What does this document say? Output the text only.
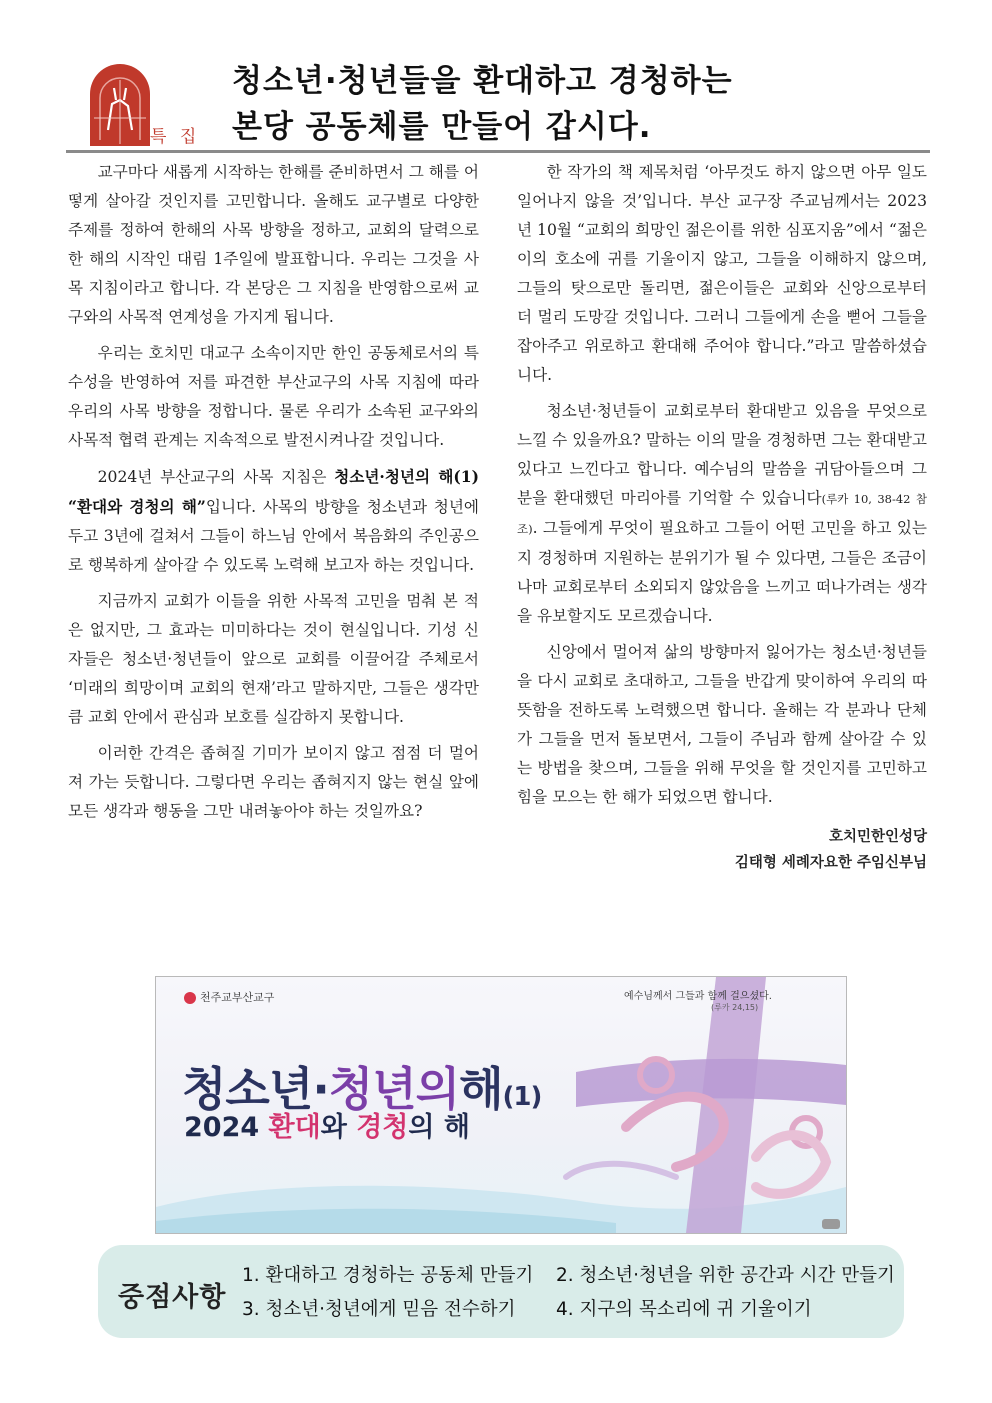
특 집
청소년·청년들을 환대하고 경청하는
본당 공동체를 만들어 갑시다.

교구마다 새롭게 시작하는 한해를 준비하면서 그 해를 어떻게 살아갈 것인지를 고민합니다. 올해도 교구별로 다양한 주제를 정하여 한해의 사목 방향을 정하고, 교회의 달력으로 한 해의 시작인 대림 1주일에 발표합니다. 우리는 그것을 사목 지침이라고 합니다. 각 본당은 그 지침을 반영함으로써 교구와의 사목적 연계성을 가지게 됩니다.

우리는 호치민 대교구 소속이지만 한인 공동체로서의 특수성을 반영하여 저를 파견한 부산교구의 사목 지침에 따라 우리의 사목 방향을 정합니다. 물론 우리가 소속된 교구와의 사목적 협력 관계는 지속적으로 발전시켜나갈 것입니다.

2024년 부산교구의 사목 지침은 청소년·청년의 해(1) “환대와 경청의 해”입니다. 사목의 방향을 청소년과 청년에 두고 3년에 걸쳐서 그들이 하느님 안에서 복음화의 주인공으로 행복하게 살아갈 수 있도록 노력해 보고자 하는 것입니다.

지금까지 교회가 이들을 위한 사목적 고민을 멈춰 본 적은 없지만, 그 효과는 미미하다는 것이 현실입니다. 기성 신자들은 청소년·청년들이 앞으로 교회를 이끌어갈 주체로서 ‘미래의 희망이며 교회의 현재’라고 말하지만, 그들은 생각만큼 교회 안에서 관심과 보호를 실감하지 못합니다.

이러한 간격은 좁혀질 기미가 보이지 않고 점점 더 멀어져 가는 듯합니다. 그렇다면 우리는 좁혀지지 않는 현실 앞에 모든 생각과 행동을 그만 내려놓아야 하는 것일까요?

한 작가의 책 제목처럼 ‘아무것도 하지 않으면 아무 일도 일어나지 않을 것’입니다. 부산 교구장 주교님께서는 2023년 10월 “교회의 희망인 젊은이를 위한 심포지움”에서 “젊은이의 호소에 귀를 기울이지 않고, 그들을 이해하지 않으며, 그들의 탓으로만 돌리면, 젊은이들은 교회와 신앙으로부터 더 멀리 도망갈 것입니다. 그러니 그들에게 손을 뻗어 그들을 잡아주고 위로하고 환대해 주어야 합니다.”라고 말씀하셨습니다.

청소년·청년들이 교회로부터 환대받고 있음을 무엇으로 느낄 수 있을까요? 말하는 이의 말을 경청하면 그는 환대받고 있다고 느낀다고 합니다. 예수님의 말씀을 귀담아들으며 그분을 환대했던 마리아를 기억할 수 있습니다(루카 10, 38-42 참조). 그들에게 무엇이 필요하고 그들이 어떤 고민을 하고 있는지 경청하며 지원하는 분위기가 될 수 있다면, 그들은 조금이나마 교회로부터 소외되지 않았음을 느끼고 떠나가려는 생각을 유보할지도 모르겠습니다.

신앙에서 멀어져 삶의 방향마저 잃어가는 청소년·청년들을 다시 교회로 초대하고, 그들을 반갑게 맞이하여 우리의 따뜻함을 전하도록 노력했으면 합니다. 올해는 각 분과나 단체가 그들을 먼저 돌보면서, 그들이 주님과 함께 살아갈 수 있는 방법을 찾으며, 그들을 위해 무엇을 할 것인지를 고민하고 힘을 모으는 한 해가 되었으면 합니다.

호치민한인성당
김태형 세례자요한 주임신부님
천주교부산교구	예수님께서 그들과 함께 걸으셨다.
(루카 24,15)
청소년·청년의해(1)
2024 환대와 경청의 해
중점사항
1. 환대하고 경청하는 공동체 만들기 2. 청소년·청년을 위한 공간과 시간 만들기
3. 청소년·청년에게 믿음 전수하기 4. 지구의 목소리에 귀 기울이기
